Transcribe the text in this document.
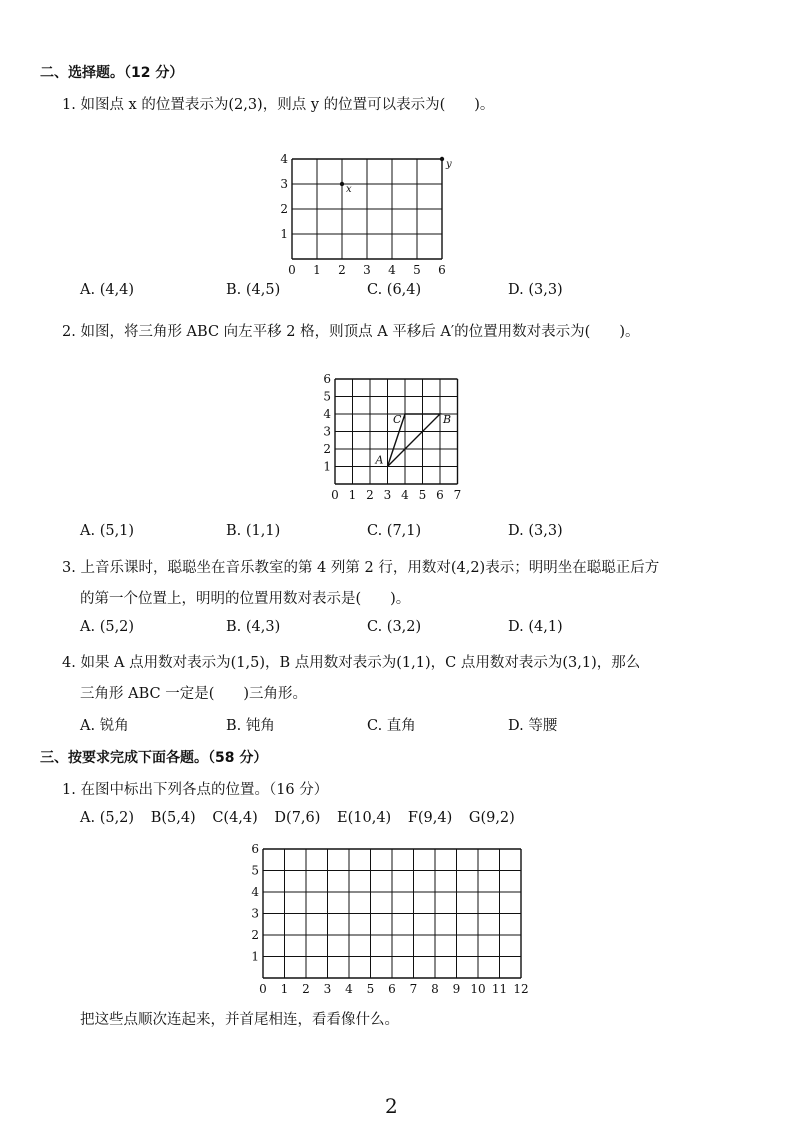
二、选择题。（12 分）
1. 如图点 x 的位置表示为(2,3)，则点 y 的位置可以表示为(　　)。
0 1 2 3 4 5 6
1
2
3
4
x
y
A. (4,4)	B. (4,5)	C. (6,4)	D. (3,3)
2. 如图，将三角形 ABC 向左平移 2 格，则顶点 A 平移后 A′的位置用数对表示为(　　)。
0 1 2 3 4 5 6 7
1
2
3
4
5
6
A
B
C
A. (5,1)	B. (1,1)	C. (7,1)	D. (3,3)
3. 上音乐课时，聪聪坐在音乐教室的第 4 列第 2 行，用数对(4,2)表示；明明坐在聪聪正后方
的第一个位置上，明明的位置用数对表示是(　　)。
A. (5,2)	B. (4,3)	C. (3,2)	D. (4,1)
4. 如果 A 点用数对表示为(1,5)，B 点用数对表示为(1,1)，C 点用数对表示为(3,1)，那么
三角形 ABC 一定是(　　)三角形。
A. 锐角	B. 钝角	C. 直角	D. 等腰
三、按要求完成下面各题。（58 分）
1. 在图中标出下列各点的位置。（16 分）
A. (5,2) B(5,4) C(4,4) D(7,6) E(10,4) F(9,4) G(9,2)
0 1 2 3 4 5 6 7 8 9 10 11 12
1
2
3
4
5
6
把这些点顺次连起来，并首尾相连，看看像什么。
2
